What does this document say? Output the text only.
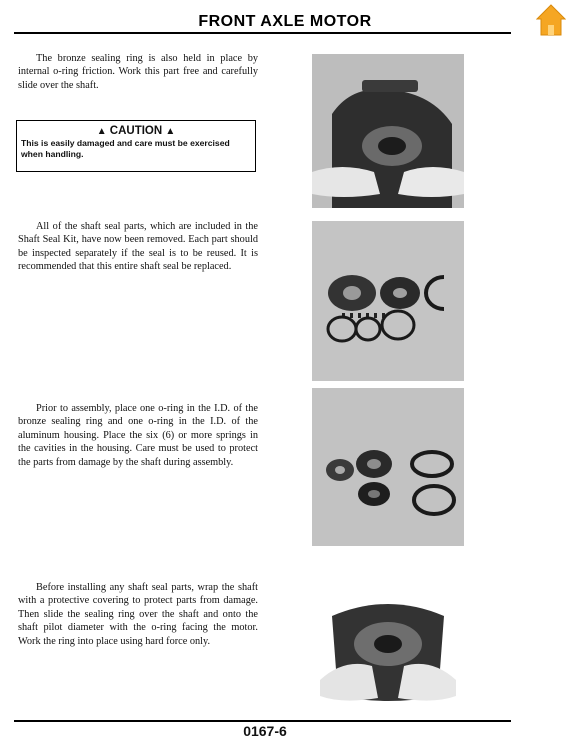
FRONT AXLE MOTOR

The bronze sealing ring is also held in place by internal o-ring friction. Work this part free and carefully slide over the shaft.

▲ CAUTION ▲
This is easily damaged and care must be exercised when handling.

All of the shaft seal parts, which are included in the Shaft Seal Kit, have now been removed. Each part should be inspected separately if the seal is to be reused. It is recommended that this entire shaft seal be replaced.

Prior to assembly, place one o-ring in the I.D. of the bronze sealing ring and one o-ring in the I.D. of the aluminum housing. Place the six (6) or more springs in the cavities in the housing. Care must be used to protect the parts from damage by the shaft during assembly.

Before installing any shaft seal parts, wrap the shaft with a protective covering to protect parts from damage. Then slide the sealing ring over the shaft and onto the shaft pilot diameter with the o-ring facing the motor. Work the ring into place using hard force only.

0167-6
